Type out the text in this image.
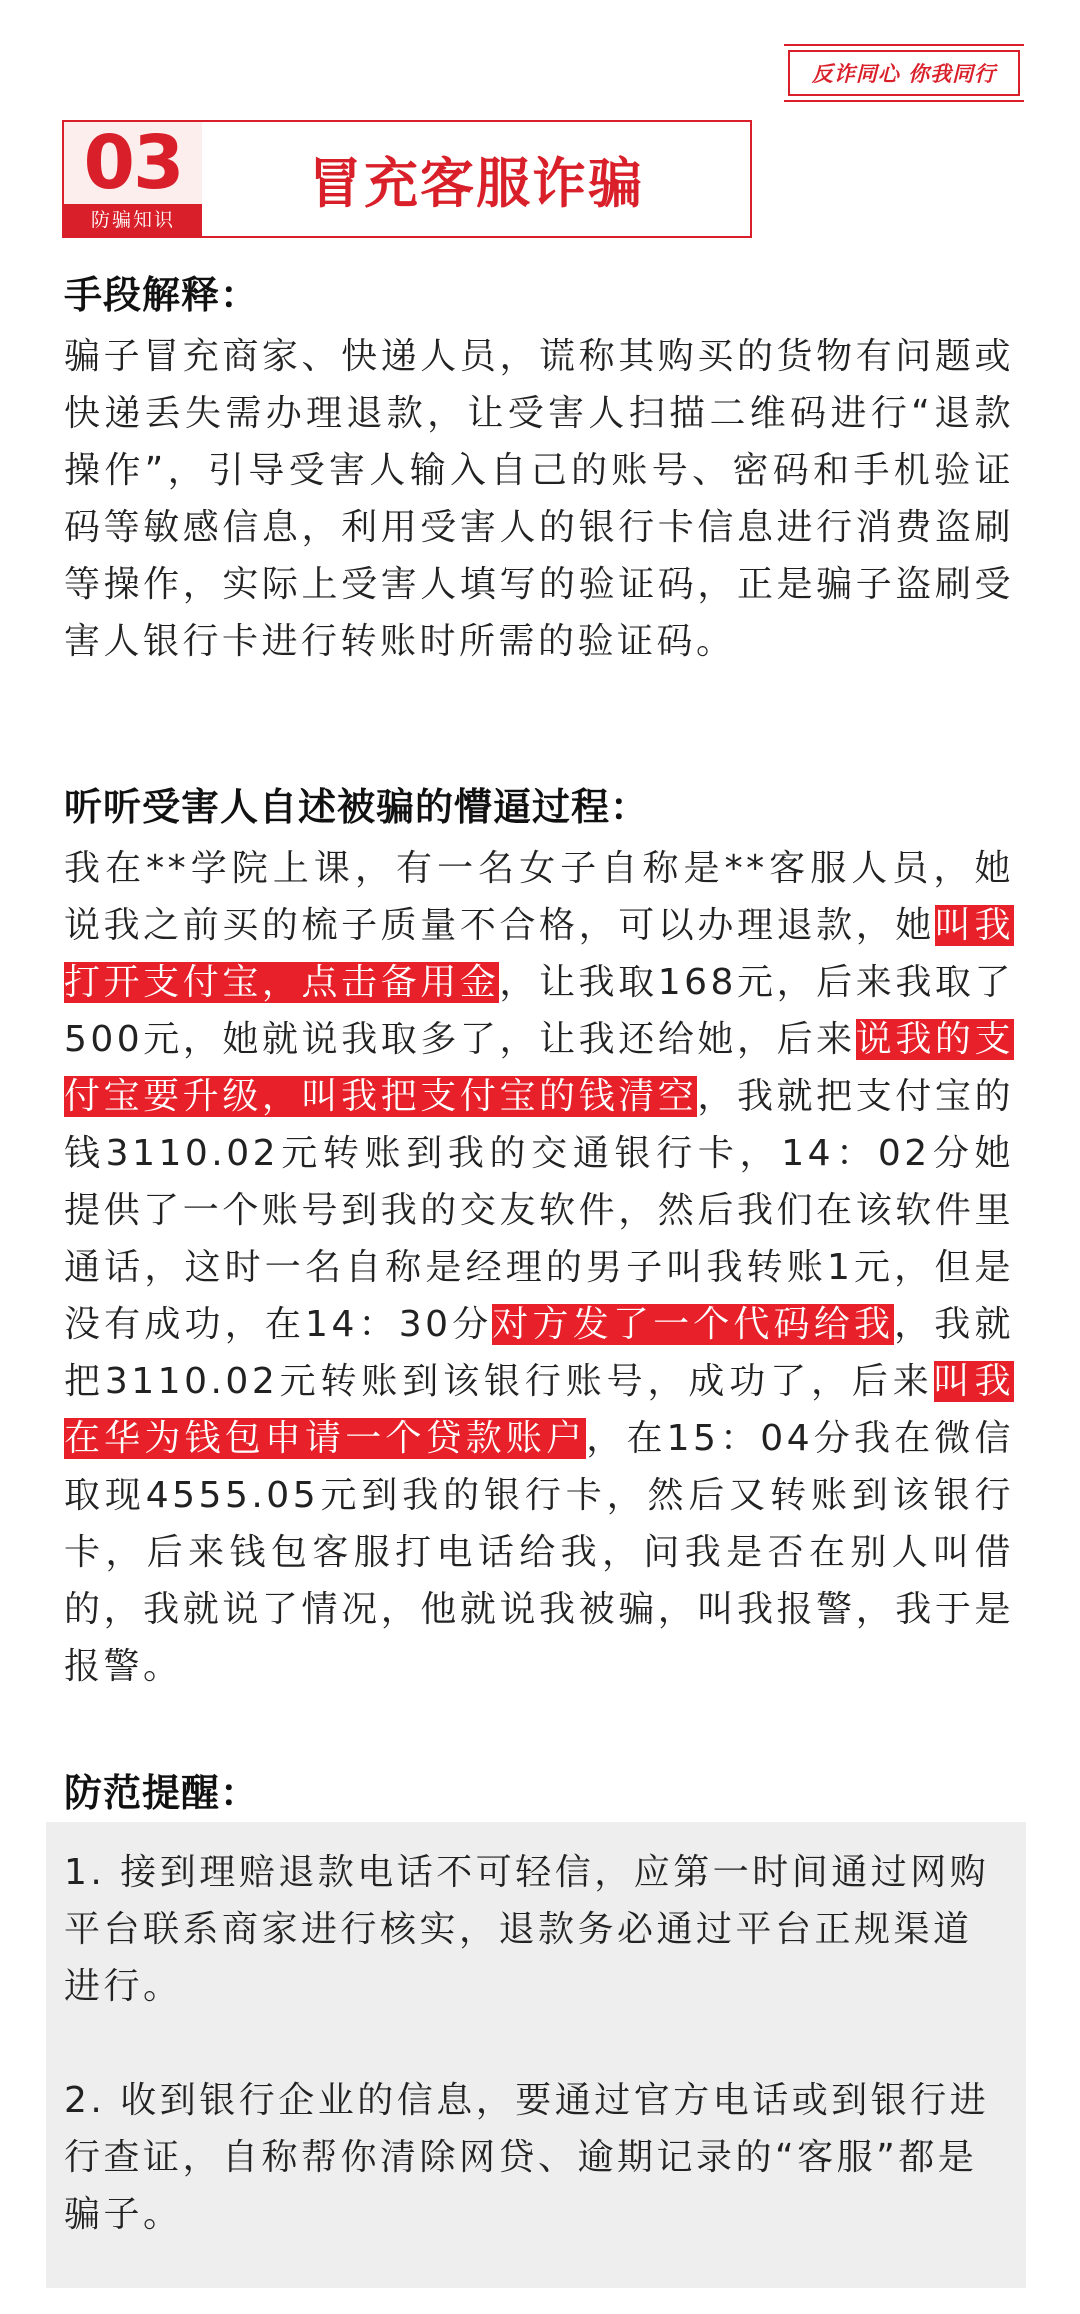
反诈同心 你我同行
03
防骗知识
冒充客服诈骗
手段解释：
骗子冒充商家、快递人员，谎称其购买的货物有问题或快递丢失需办理退款，让受害人扫描二维码进行“退款操作”，引导受害人输入自己的账号、密码和手机验证码等敏感信息，利用受害人的银行卡信息进行消费盗刷等操作，实际上受害人填写的验证码，正是骗子盗刷受害人银行卡进行转账时所需的验证码。
听听受害人自述被骗的懵逼过程：
我在**学院上课，有一名女子自称是**客服人员，她说我之前买的梳子质量不合格，可以办理退款，她叫我打开支付宝，点击备用金，让我取168元，后来我取了500元，她就说我取多了，让我还给她，后来说我的支付宝要升级，叫我把支付宝的钱清空，我就把支付宝的钱3110.02元转账到我的交通银行卡，14：02分她提供了一个账号到我的交友软件，然后我们在该软件里通话，这时一名自称是经理的男子叫我转账1元，但是没有成功，在14：30分对方发了一个代码给我，我就把3110.02元转账到该银行账号，成功了，后来叫我在华为钱包申请一个贷款账户，在15：04分我在微信取现4555.05元到我的银行卡，然后又转账到该银行卡，后来钱包客服打电话给我，问我是否在别人叫借的，我就说了情况，他就说我被骗，叫我报警，我于是报警。
防范提醒：
1. 接到理赔退款电话不可轻信，应第一时间通过网购平台联系商家进行核实，退款务必通过平台正规渠道进行。
2. 收到银行企业的信息，要通过官方电话或到银行进行查证，自称帮你清除网贷、逾期记录的“客服”都是骗子。
